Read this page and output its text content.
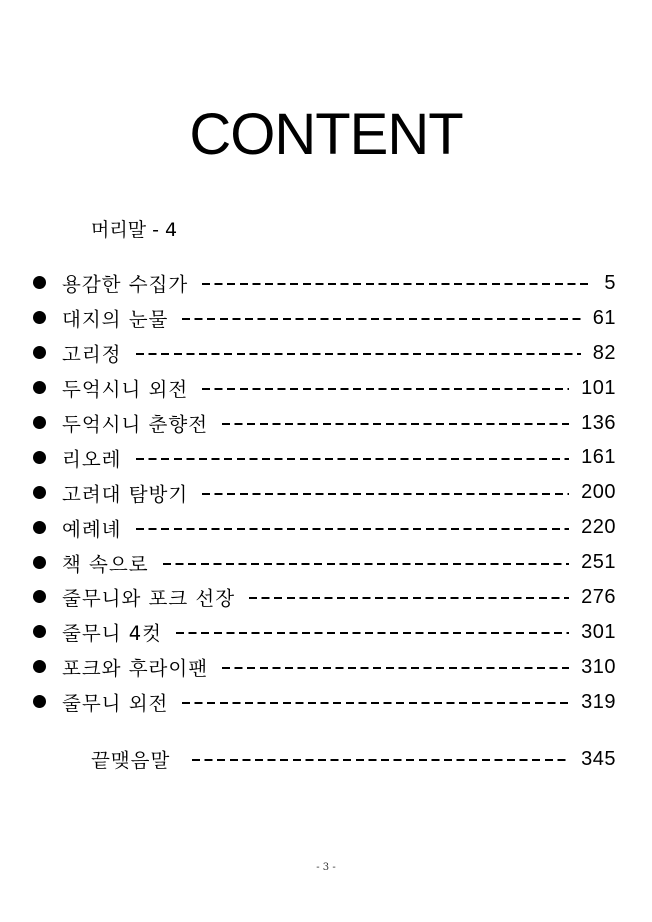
CONTENT
머리말 - 4
용감한 수집가	5
대지의 눈물	61
고리정	82
두억시니 외전	101
두억시니 춘향전	136
리오레	161
고려대 탐방기	200
예례녜	220
책 속으로	251
줄무니와 포크 선장	276
줄무니 4컷	301
포크와 후라이팬	310
줄무니 외전	319
끝맺음말	345
- 3 -
